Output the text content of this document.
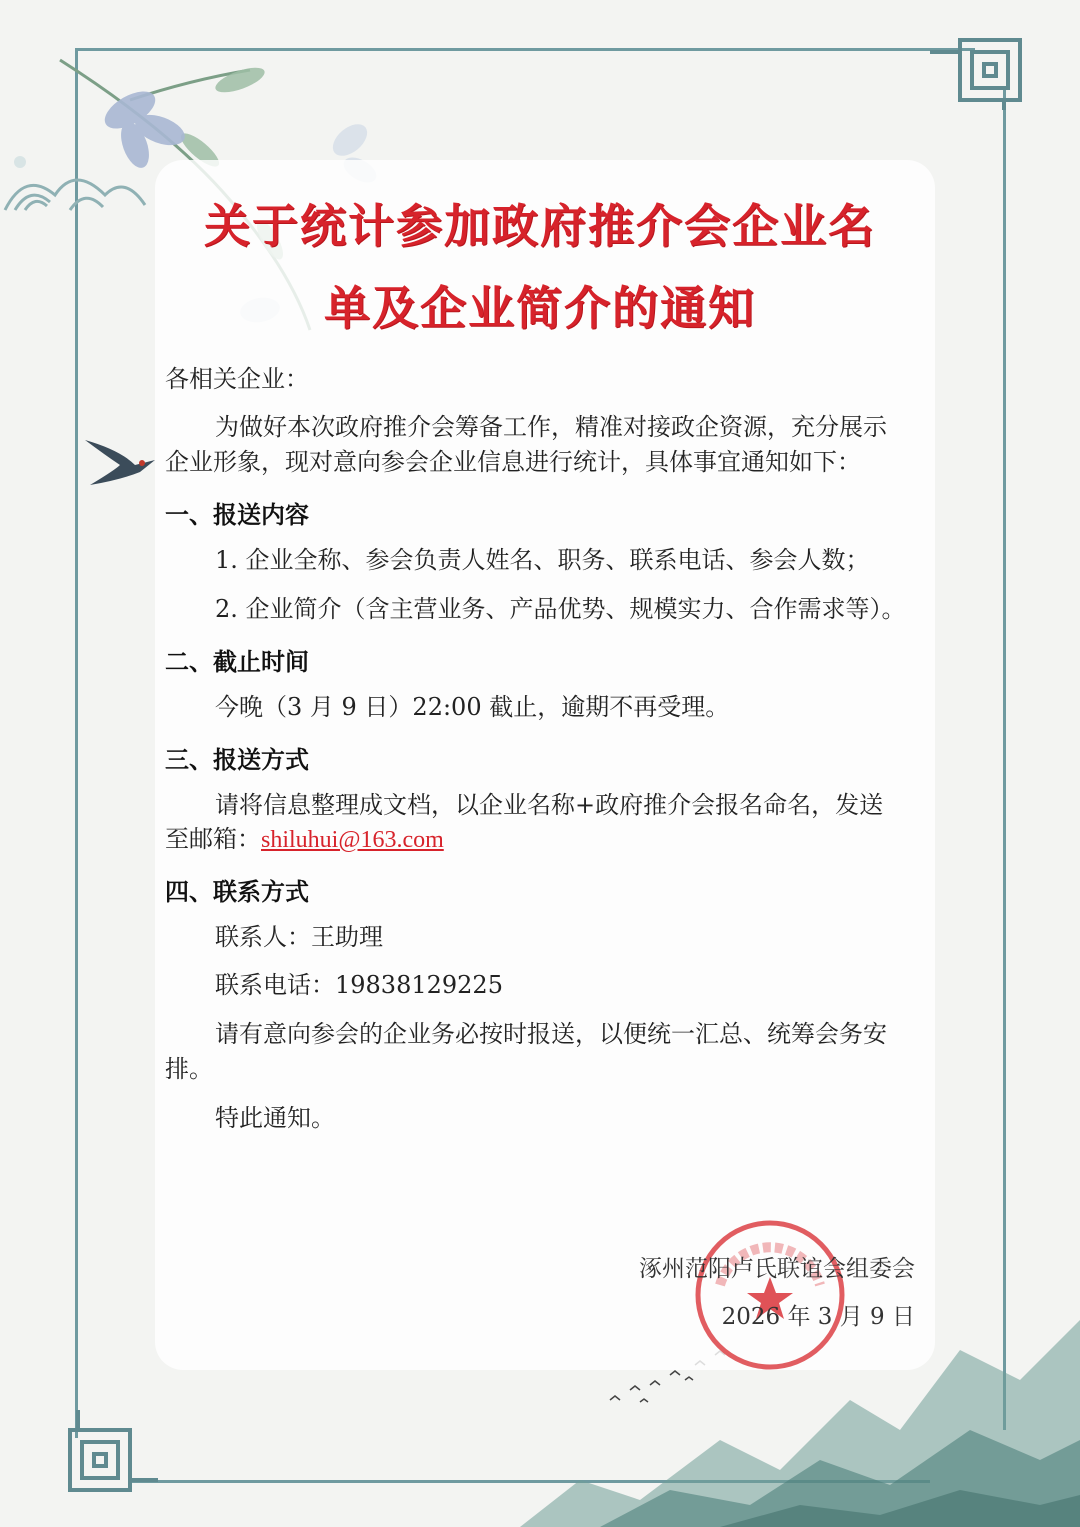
关于统计参加政府推介会企业名
单及企业简介的通知
各相关企业：
为做好本次政府推介会筹备工作，精准对接政企资源，充分展示
企业形象，现对意向参会企业信息进行统计，具体事宜通知如下：
一、报送内容
1. 企业全称、参会负责人姓名、职务、联系电话、参会人数；
2. 企业简介（含主营业务、产品优势、规模实力、合作需求等）。
二、截止时间
今晚（3 月 9 日）22:00 截止，逾期不再受理。
三、报送方式
请将信息整理成文档，以企业名称+政府推介会报名命名，发送
至邮箱：shiluhui@163.com
四、联系方式
联系人：王助理
联系电话：19838129225
请有意向参会的企业务必按时报送，以便统一汇总、统筹会务安
排。
特此通知。
涿州范阳卢氏联谊会组委会
2026 年 3 月 9 日
